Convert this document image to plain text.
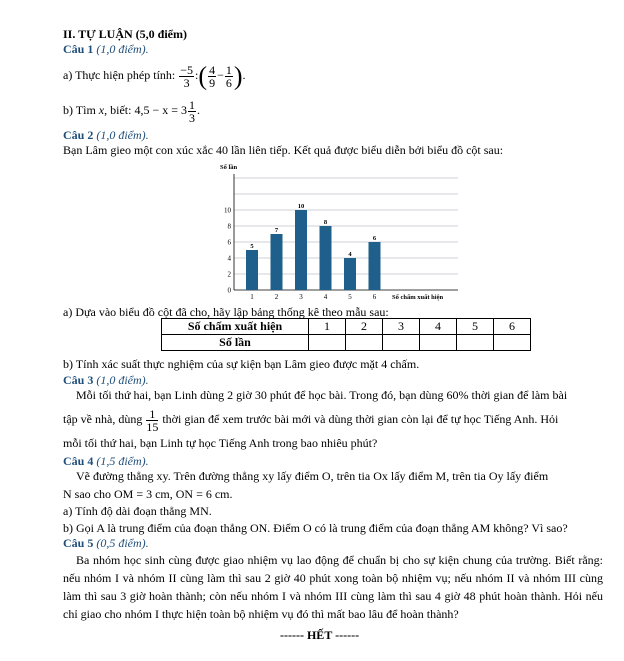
II. TỰ LUẬN (5,0 điểm)
Câu 1 (1,0 điểm).
a) Thực hiện phép tính: $\frac{-5}{3}$ :( $\frac{4}{9} - \frac{1}{6}$ ).
b) Tìm x, biết: $4,5 - x = 3 \frac{1}{3}$ .
Câu 2 (1,0 điểm).
Bạn Lâm gieo một con xúc xắc 40 lần liên tiếp. Kết quả được biểu diễn bởi biểu đồ cột sau:
5
7
10
8
4
6
0
2
4
6
8
10
1	2	3	4	5	6
Số lần
Số chấm xuất hiện
a) Dựa vào biểu đồ cột đã cho, hãy lập bảng thống kê theo mẫu sau:
Số chấm xuất hiện	1	2	3	4	5	6
Số lần						
b) Tính xác suất thực nghiệm của sự kiện bạn Lâm gieo được mặt 4 chấm.
Câu 3 (1,0 điểm).
Mỗi tối thứ hai, bạn Linh dùng 2 giờ 30 phút để học bài. Trong đó, bạn dùng 60% thời gian để làm bài
tập về nhà, dùng $\frac{1}{15}$ thời gian để xem trước bài mới và dùng thời gian còn lại để tự học Tiếng Anh. Hỏi
mỗi tối thứ hai, bạn Linh tự học Tiếng Anh trong bao nhiêu phút?
Câu 4 (1,5 điểm).
Vẽ đường thẳng xy. Trên đường thẳng xy lấy điểm O, trên tia Ox lấy điểm M, trên tia Oy lấy điểm
N sao cho OM = 3 cm, ON = 6 cm.
a) Tính độ dài đoạn thẳng MN.
b) Gọi A là trung điểm của đoạn thẳng ON. Điểm O có là trung điểm của đoạn thẳng AM không? Vì sao?
Câu 5 (0,5 điểm).
Ba nhóm học sinh cùng được giao nhiệm vụ lao động để chuẩn bị cho sự kiện chung của trường. Biết rằng: nếu nhóm I và nhóm II cùng làm thì sau 2 giờ 40 phút xong toàn bộ nhiệm vụ; nếu nhóm II và nhóm III cùng làm thì sau 3 giờ hoàn thành; còn nếu nhóm I và nhóm III cùng làm thì sau 4 giờ 48 phút hoàn thành. Hỏi nếu chỉ giao cho nhóm I thực hiện toàn bộ nhiệm vụ đó thì mất bao lâu để hoàn thành?
------ HẾT ------
